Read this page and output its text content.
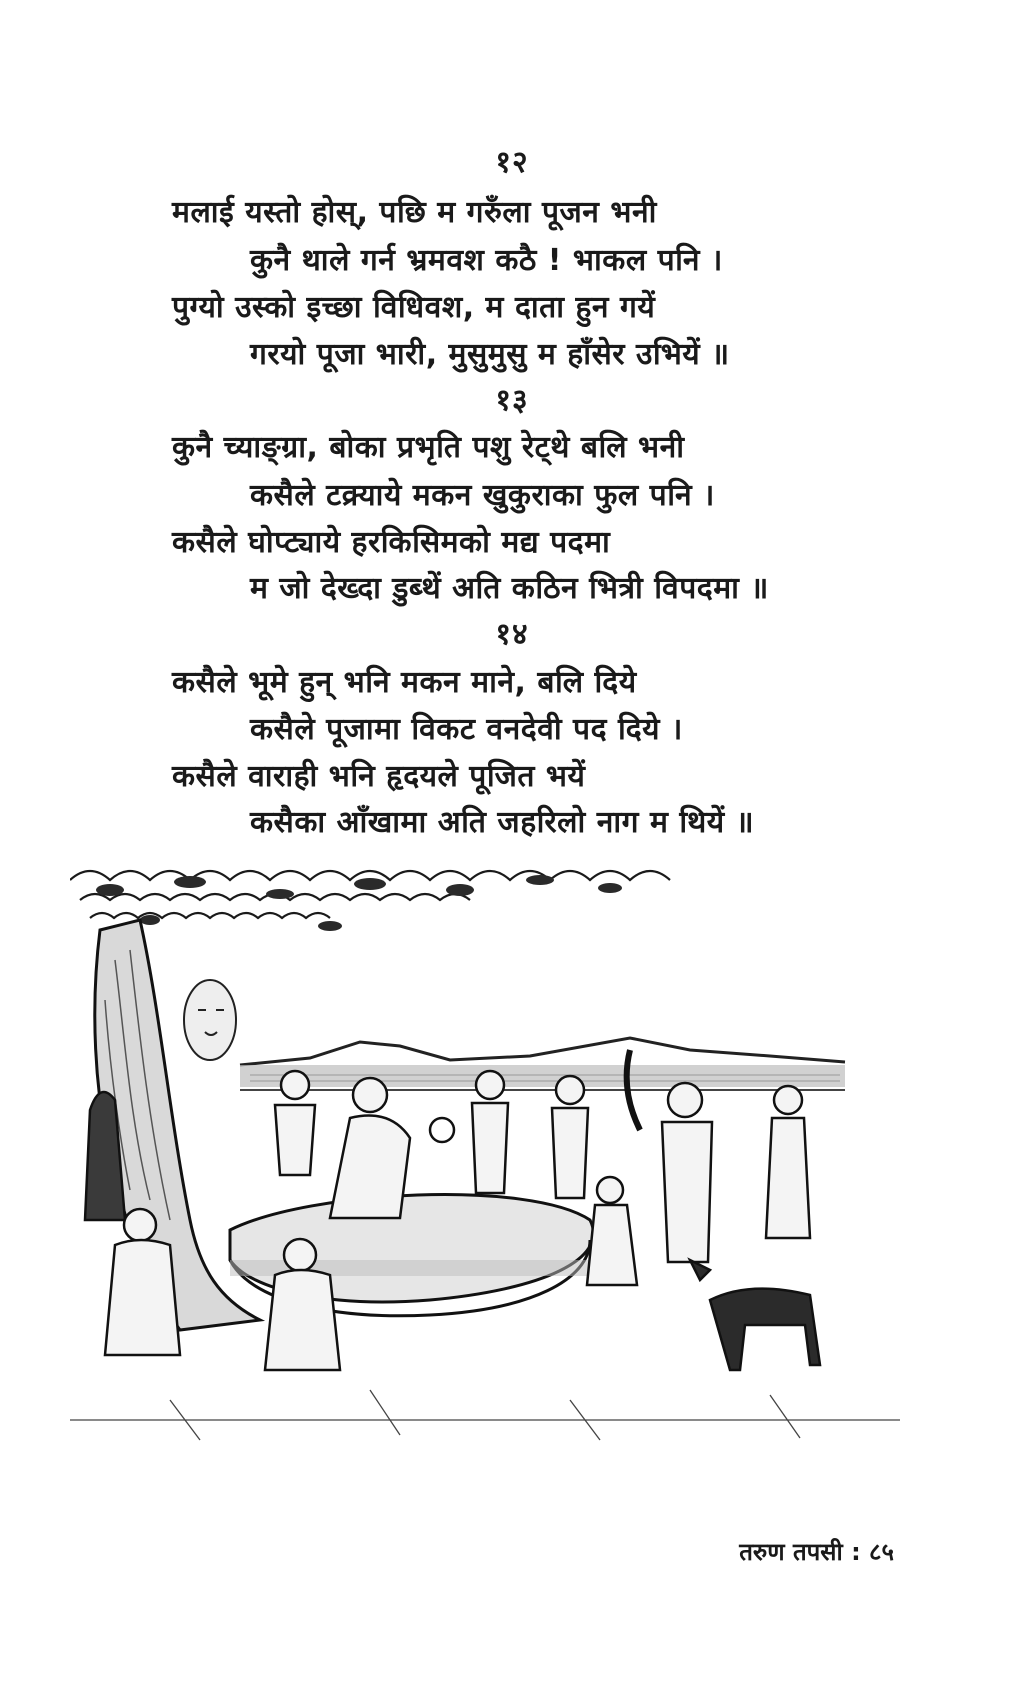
१२
मलाई यस्तो होस्, पछि म गरुँला पूजन भनी
कुनै थाले गर्न भ्रमवश कठै ! भाकल पनि ।
पुग्यो उस्को इच्छा विधिवश, म दाता हुन गयें
गरयो पूजा भारी, मुसुमुसु म हाँसेर उभियें ॥
१३
कुनै च्याङ्ग्रा, बोका प्रभृति पशु रेट्थे बलि भनी
कसैले टक्र्याये मकन खुकुराका फुल पनि ।
कसैले घोप्ट्याये हरकिसिमको मद्य पदमा
म जो देख्दा डुब्थें अति कठिन भित्री विपदमा ॥
१४
कसैले भूमे हुन् भनि मकन माने, बलि दिये
कसैले पूजामा विकट वनदेवी पद दिये ।
कसैले वाराही भनि हृदयले पूजित भयें
कसैका आँखामा अति जहरिलो नाग म थियें ॥
तरुण तपसी : ८५
